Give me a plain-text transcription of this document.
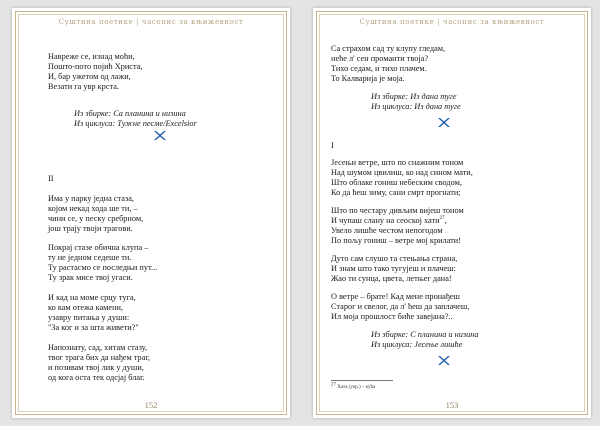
Суштина поетике | часопис за књижевност
Навреже се, изнад моћи,
Пошто-пото појић Христа,
И, бар ужетом од лажи,
Везати га увр крста.
Из збирке: Са планина и низина
Из циклуса: Тужне песме/Excelsior
II
Има у парку једна стаза,
којом некад хода ше ти, –
чини се, у песку сребрном,
још трају твоји трагови.
Покрај стазе обична клупа –
ту не једном седеше ти.
Ту растасмо се последњи пут...
Ту зрак мисе твој угаси.
И кад на моме срцу туга,
ко кам отежа камени,
узаврy питања у души:
"За ког и за шта живети?"
Напознату, сад, хитам стазу,
твог трага бих да нађем траг,
и позивам твој лик у души,
од кога оста тек одсјај благ.
152
Суштина поетике | часопис за књижевност
Са страхом сад ту клупу гледам,
неће л' сен проманти твоја?
Тихо седам, и тихо плачем.
То Калварија је моја.
Из збирке: Из дана туге
Из циклуса: Из дана туге
I
Јесењи ветре, што по снажним тоном
Над шумом цвилиш, ко над сином мати,
Што облаке гониш небеским сводом,
Ко да ћеш зиму, сани смрт прогнати;
Што по честару дивљим вијеш тоном
И чупаш слану на сеоској хати$^{27}$,
Увело лишће честом непогодом
По пољу гониш – ветре мој крилати!
Дуто сам слушо та стењања страна,
И знам што тако тугујеш и плачеш:
Жао ти сунца, цвета, летњег дана!
О ветре – брате! Кад мене пронађеш
Старог и свелог, да л' ћеш да заплачеш,
Ил моја прошлост биће завејана?..
Из збирке: С планина и низина
Из циклуса: Јесење лишће
$^{27}$ Хата (укр.) – кућа
153
